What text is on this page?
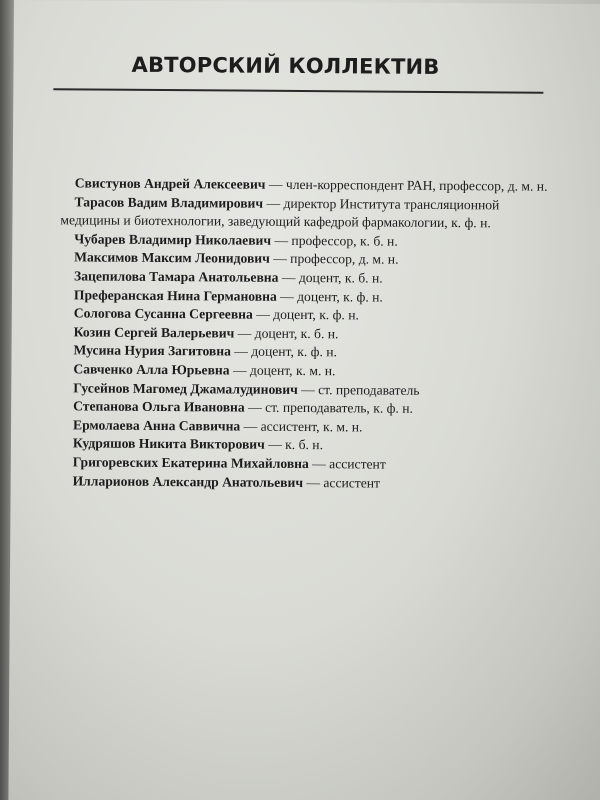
АВТОРСКИЙ КОЛЛЕКТИВ

Свистунов Андрей Алексеевич — член-корреспондент РАН, профессор, д. м. н.

Тарасов Вадим Владимирович — директор Института трансляционной медицины и биотехнологии, заведующий кафедрой фармакологии, к. ф. н.

Чубарев Владимир Николаевич — профессор, к. б. н.

Максимов Максим Леонидович — профессор, д. м. н.

Зацепилова Тамара Анатольевна — доцент, к. б. н.

Преферанская Нина Германовна — доцент, к. ф. н.

Сологова Сусанна Сергеевна — доцент, к. ф. н.

Козин Сергей Валерьевич — доцент, к. б. н.

Мусина Нурия Загитовна — доцент, к. ф. н.

Савченко Алла Юрьевна — доцент, к. м. н.

Гусейнов Магомед Джамалудинович — ст. преподаватель

Степанова Ольга Ивановна — ст. преподаватель, к. ф. н.

Ермолаева Анна Саввична — ассистент, к. м. н.

Кудряшов Никита Викторович — к. б. н.

Григоревских Екатерина Михайловна — ассистент

Илларионов Александр Анатольевич — ассистент
